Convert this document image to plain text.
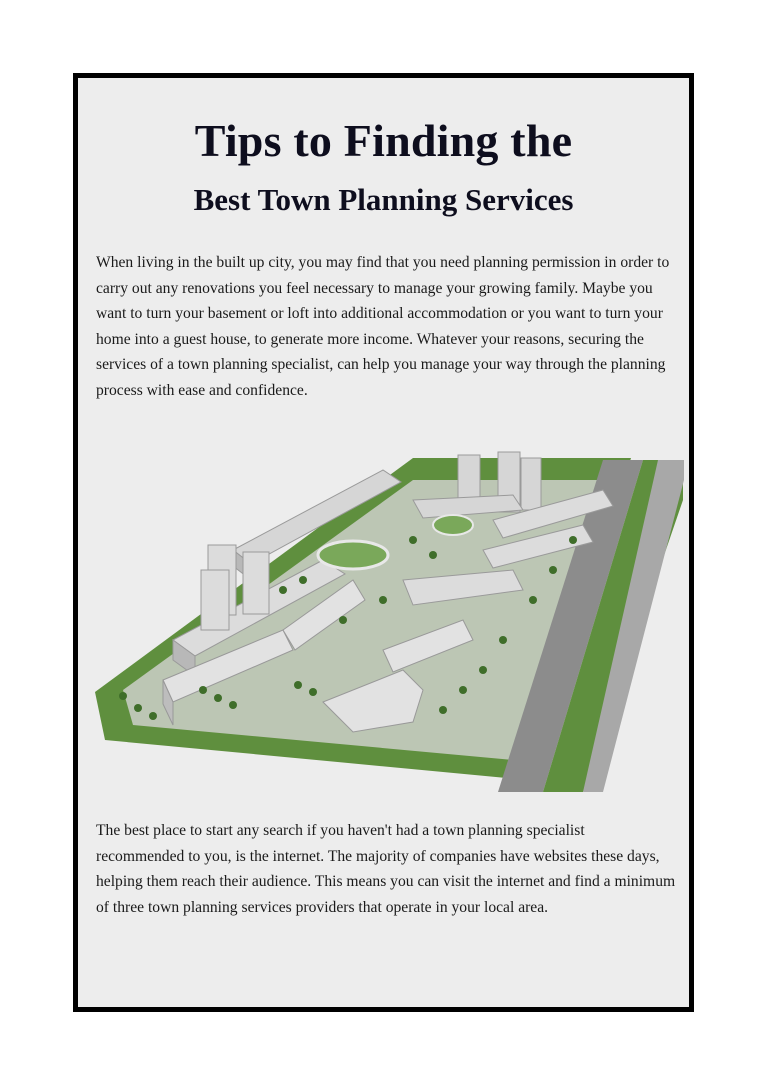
Tips to Finding the
Best Town Planning Services

When living in the built up city, you may find that you need planning permission in order to carry out any renovations you feel necessary to manage your growing family. Maybe you want to turn your basement or loft into additional accommodation or you want to turn your home into a guest house, to generate more income. Whatever your reasons, securing the services of a town planning specialist, can help you manage your way through the planning process with ease and confidence.

The best place to start any search if you haven't had a town planning specialist recommended to you, is the internet. The majority of companies have websites these days, helping them reach their audience. This means you can visit the internet and find a minimum of three town planning services providers that operate in your local area.
